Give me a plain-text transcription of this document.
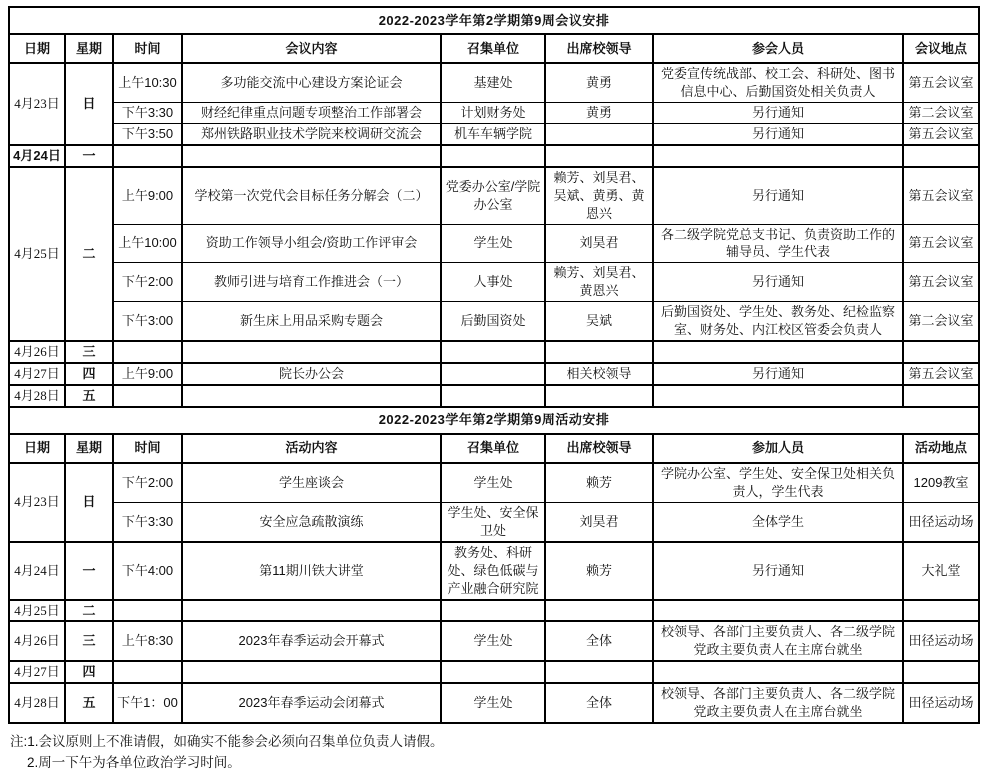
2022-2023学年第2学期第9周会议安排							
日期	星期	时间	会议内容	召集单位	出席校领导	参会人员	会议地点
4月23日	日	上午10:30	多功能交流中心建设方案论证会	基建处	黄勇	党委宣传统战部、校工会、科研处、图书信息中心、后勤国资处相关负责人	第五会议室
		下午3:30	财经纪律重点问题专项整治工作部署会	计划财务处	黄勇	另行通知	第二会议室
		下午3:50	郑州铁路职业技术学院来校调研交流会	机车车辆学院		另行通知	第五会议室
4月24日	一						
4月25日	二	上午9:00	学校第一次党代会目标任务分解会（二）	党委办公室/学院办公室	赖芳、刘昊君、吴斌、黄勇、黄恩兴	另行通知	第五会议室
		上午10:00	资助工作领导小组会/资助工作评审会	学生处	刘昊君	各二级学院党总支书记、负责资助工作的辅导员、学生代表	第五会议室
		下午2:00	教师引进与培育工作推进会（一）	人事处	赖芳、刘昊君、黄恩兴	另行通知	第五会议室
		下午3:00	新生床上用品采购专题会	后勤国资处	吴斌	后勤国资处、学生处、教务处、纪检监察室、财务处、内江校区管委会负责人	第二会议室
4月26日	三						
4月27日	四	上午9:00	院长办公会		相关校领导	另行通知	第五会议室
4月28日	五						
2022-2023学年第2学期第9周活动安排							
日期	星期	时间	活动内容	召集单位	出席校领导	参加人员	活动地点
4月23日	日	下午2:00	学生座谈会	学生处	赖芳	学院办公室、学生处、安全保卫处相关负责人，学生代表	1209教室
		下午3:30	安全应急疏散演练	学生处、安全保卫处	刘昊君	全体学生	田径运动场
4月24日	一	下午4:00	第11期川铁大讲堂	教务处、科研处、绿色低碳与产业融合研究院	赖芳	另行通知	大礼堂
4月25日	二						
4月26日	三	上午8:30	2023年春季运动会开幕式	学生处	全体	校领导、各部门主要负责人、各二级学院党政主要负责人在主席台就坐	田径运动场
4月27日	四						
4月28日	五	下午1：00	2023年春季运动会闭幕式	学生处	全体	校领导、各部门主要负责人、各二级学院党政主要负责人在主席台就坐	田径运动场
注:1.会议原则上不准请假，如确实不能参会必须向召集单位负责人请假。
2.周一下午为各单位政治学习时间。
